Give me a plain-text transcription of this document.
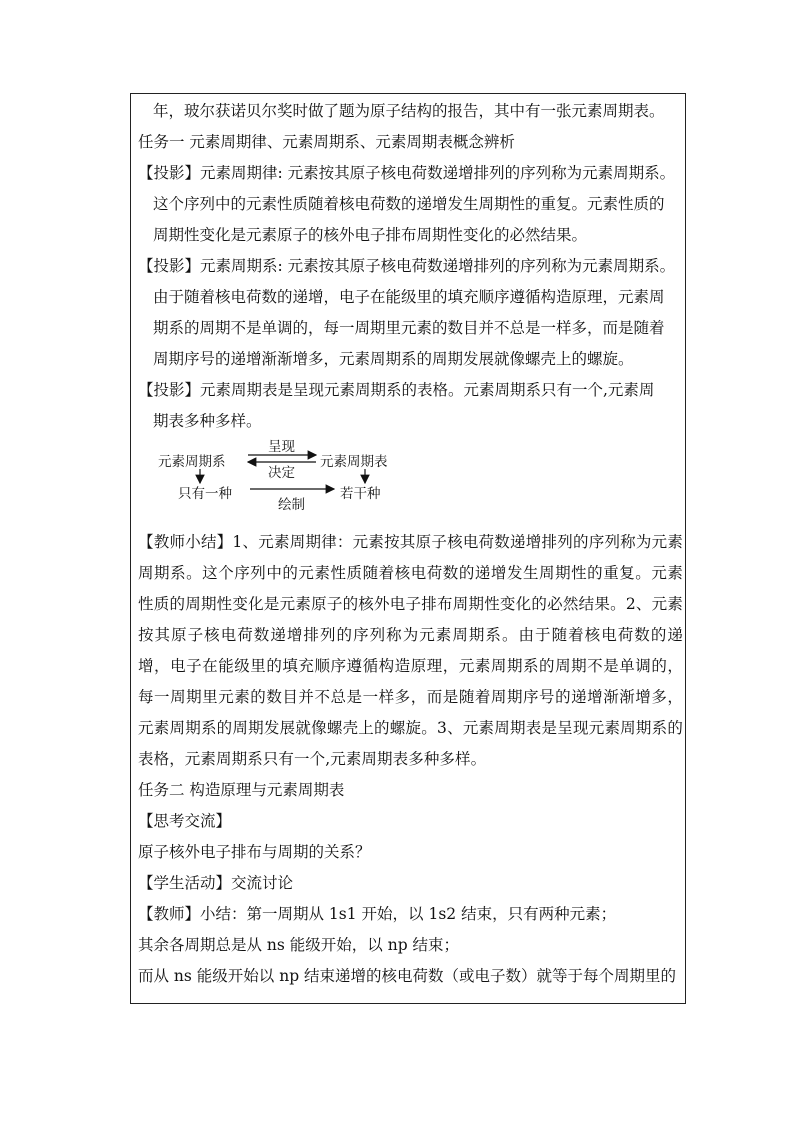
年，玻尔获诺贝尔奖时做了题为原子结构的报告，其中有一张元素周期表。

任务一 元素周期律、元素周期系、元素周期表概念辨析

【投影】元素周期律: 元素按其原子核电荷数递增排列的序列称为元素周期系。

这个序列中的元素性质随着核电荷数的递增发生周期性的重复。元素性质的

周期性变化是元素原子的核外电子排布周期性变化的必然结果。

【投影】元素周期系: 元素按其原子核电荷数递增排列的序列称为元素周期系。

由于随着核电荷数的递增，电子在能级里的填充顺序遵循构造原理，元素周

期系的周期不是单调的，每一周期里元素的数目并不总是一样多，而是随着

周期序号的递增渐渐增多，元素周期系的周期发展就像螺壳上的螺旋。

【投影】元素周期表是呈现元素周期系的表格。元素周期系只有一个,元素周

期表多种多样。

元素周期系	元素周期表
呈现
决定
只有一种	若干种
绘制

【教师小结】1、元素周期律：元素按其原子核电荷数递增排列的序列称为元素周期系。这个序列中的元素性质随着核电荷数的递增发生周期性的重复。元素性质的周期性变化是元素原子的核外电子排布周期性变化的必然结果。2、元素按其原子核电荷数递增排列的序列称为元素周期系。由于随着核电荷数的递增，电子在能级里的填充顺序遵循构造原理，元素周期系的周期不是单调的，每一周期里元素的数目并不总是一样多，而是随着周期序号的递增渐渐增多，元素周期系的周期发展就像螺壳上的螺旋。3、元素周期表是呈现元素周期系的表格，元素周期系只有一个,元素周期表多种多样。

任务二 构造原理与元素周期表

【思考交流】

原子核外电子排布与周期的关系？

【学生活动】交流讨论

【教师】小结：第一周期从 1s1 开始，以 1s2 结束，只有两种元素；

其余各周期总是从 ns 能级开始，以 np 结束；

而从 ns 能级开始以 np 结束递增的核电荷数（或电子数）就等于每个周期里的
